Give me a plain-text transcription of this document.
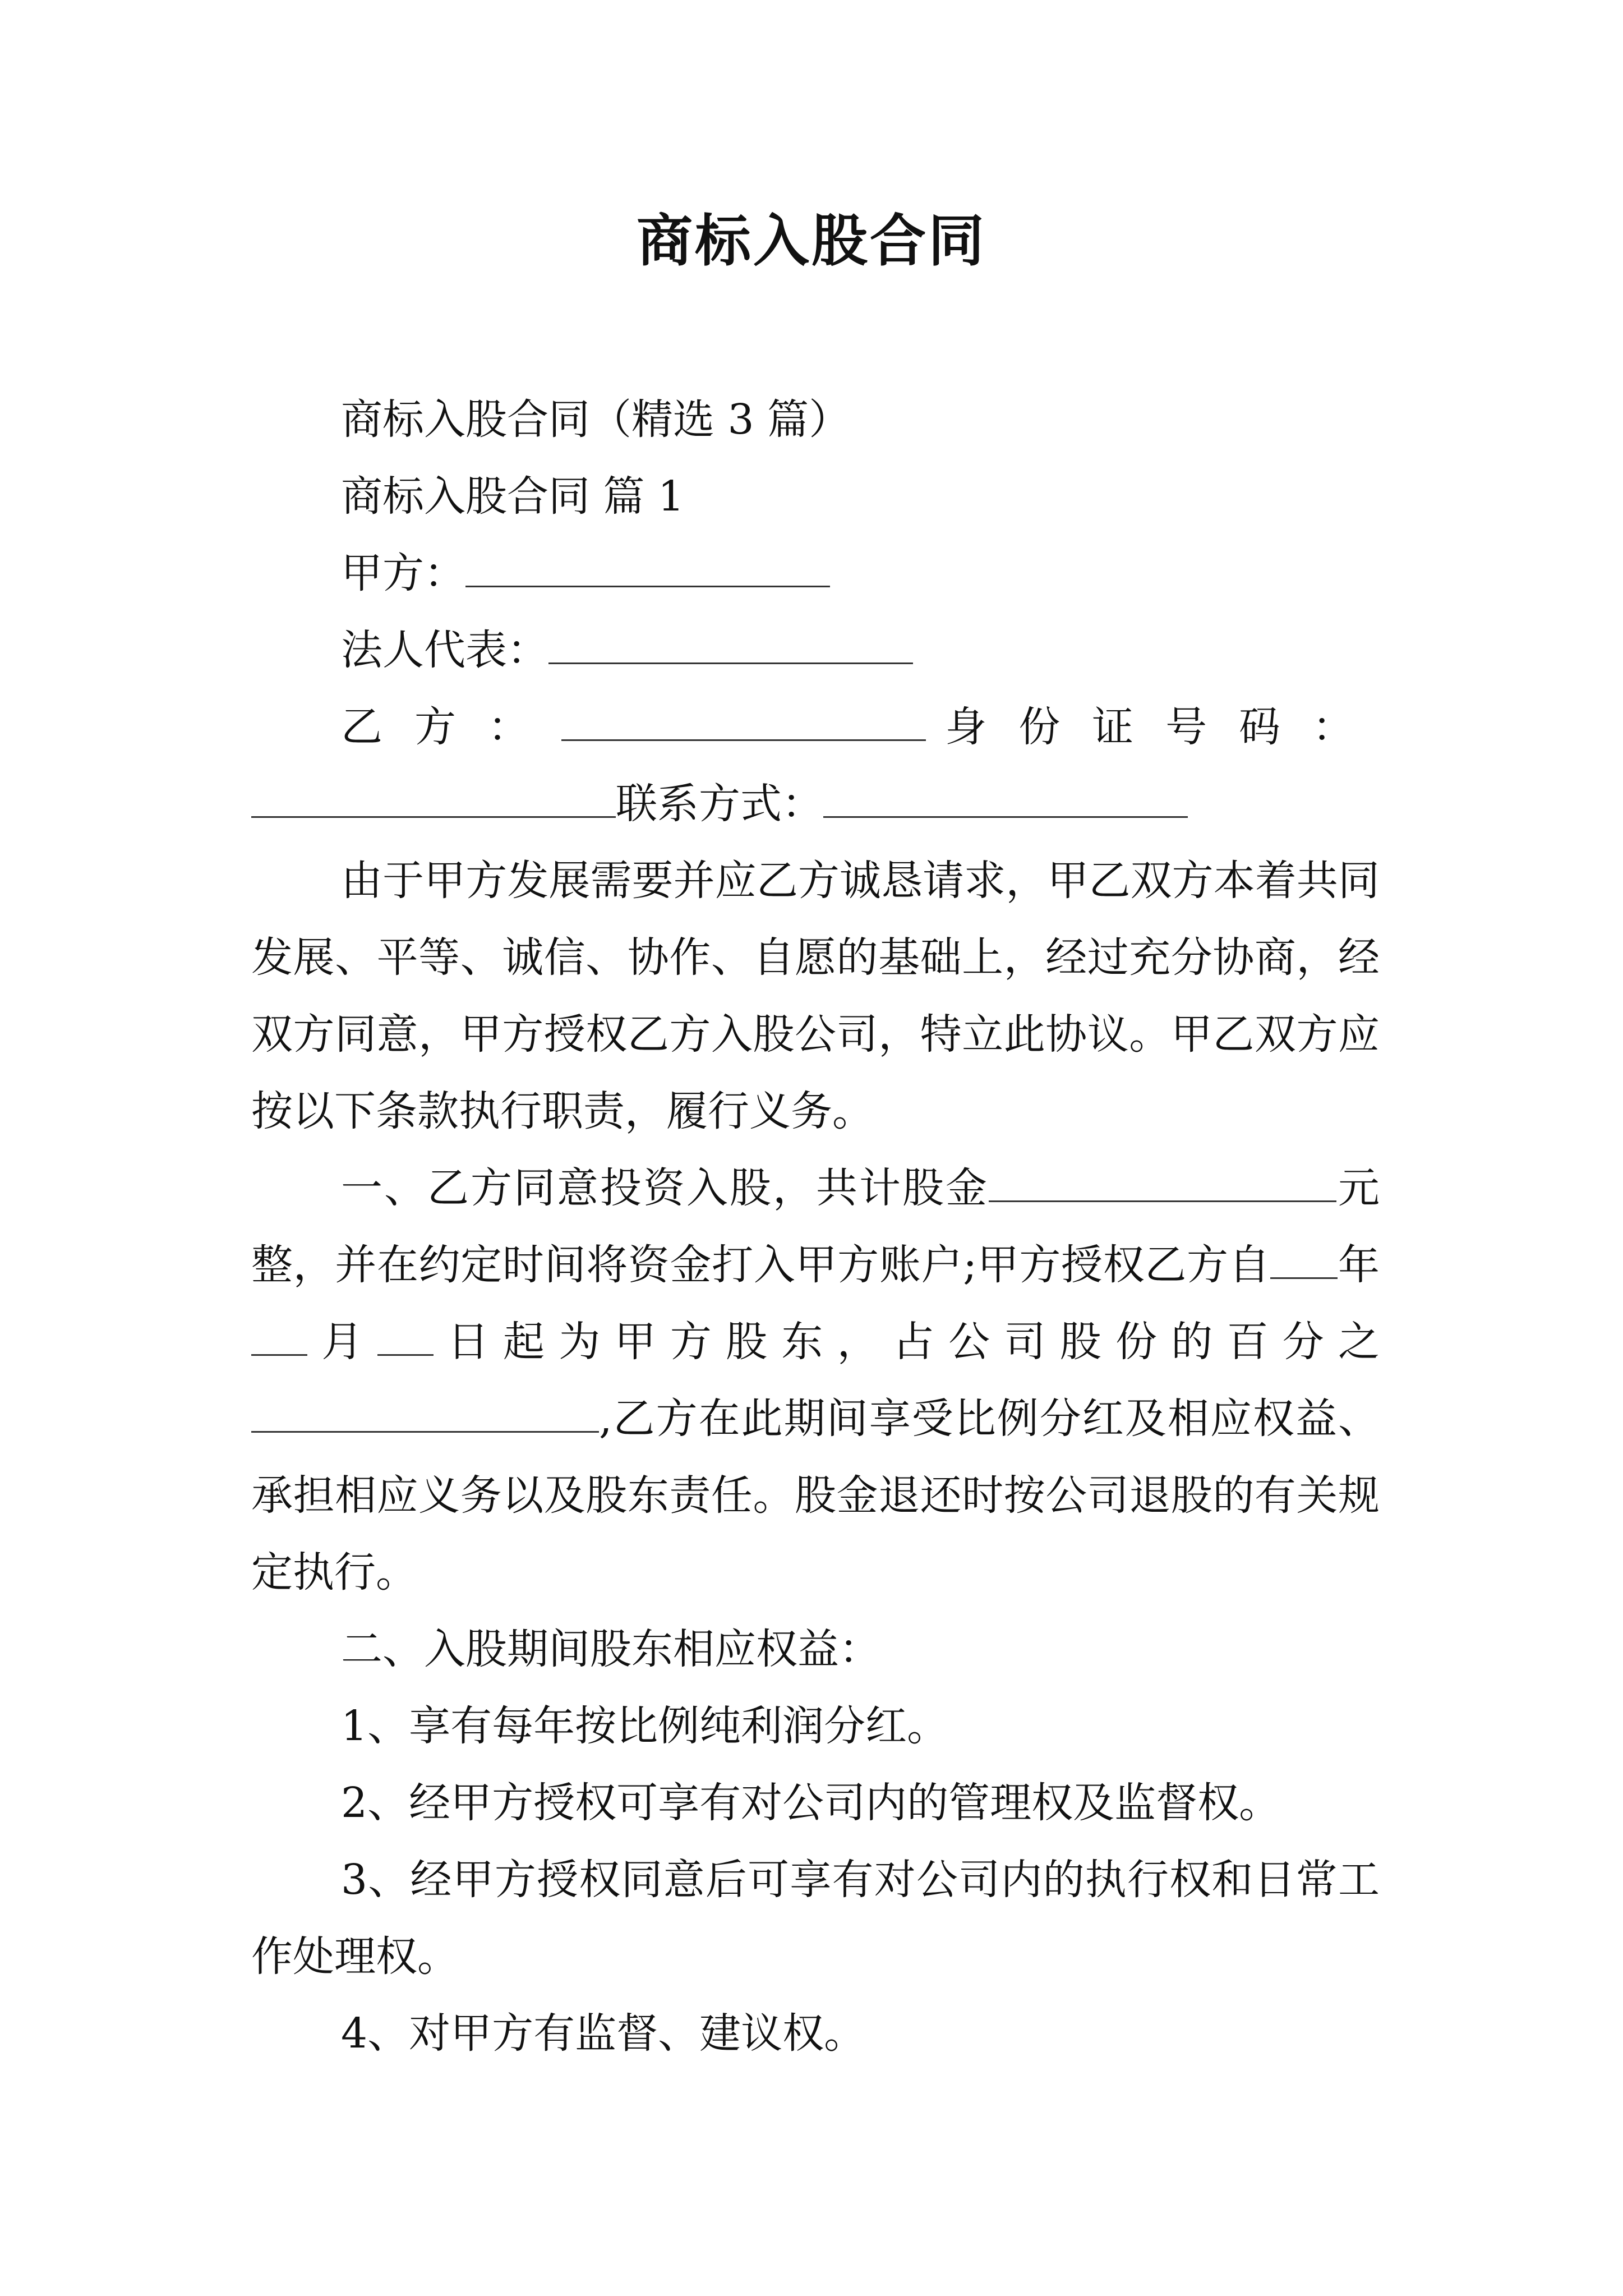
商标入股合同

商标入股合同（精选 3 篇）

商标入股合同 篇 1

甲方：

法人代表：

乙方：	身份证号码：联系方式：

由于甲方发展需要并应乙方诚恳请求，甲乙双方本着共同发展、平等、诚信、协作、自愿的基础上，经过充分协商，经双方同意，甲方授权乙方入股公司，特立此协议。甲乙双方应按以下条款执行职责，履行义务。

一、乙方同意投资入股，共计股金	元整，并在约定时间将资金打入甲方账户;甲方授权乙方自 年月 日起为甲方股东，占公司股份的百分之,乙方在此期间享受比例分红及相应权益、承担相应义务以及股东责任。股金退还时按公司退股的有关规定执行。

二、入股期间股东相应权益：

1、享有每年按比例纯利润分红。

2、经甲方授权可享有对公司内的管理权及监督权。

3、经甲方授权同意后可享有对公司内的执行权和日常工作处理权。

4、对甲方有监督、建议权。
